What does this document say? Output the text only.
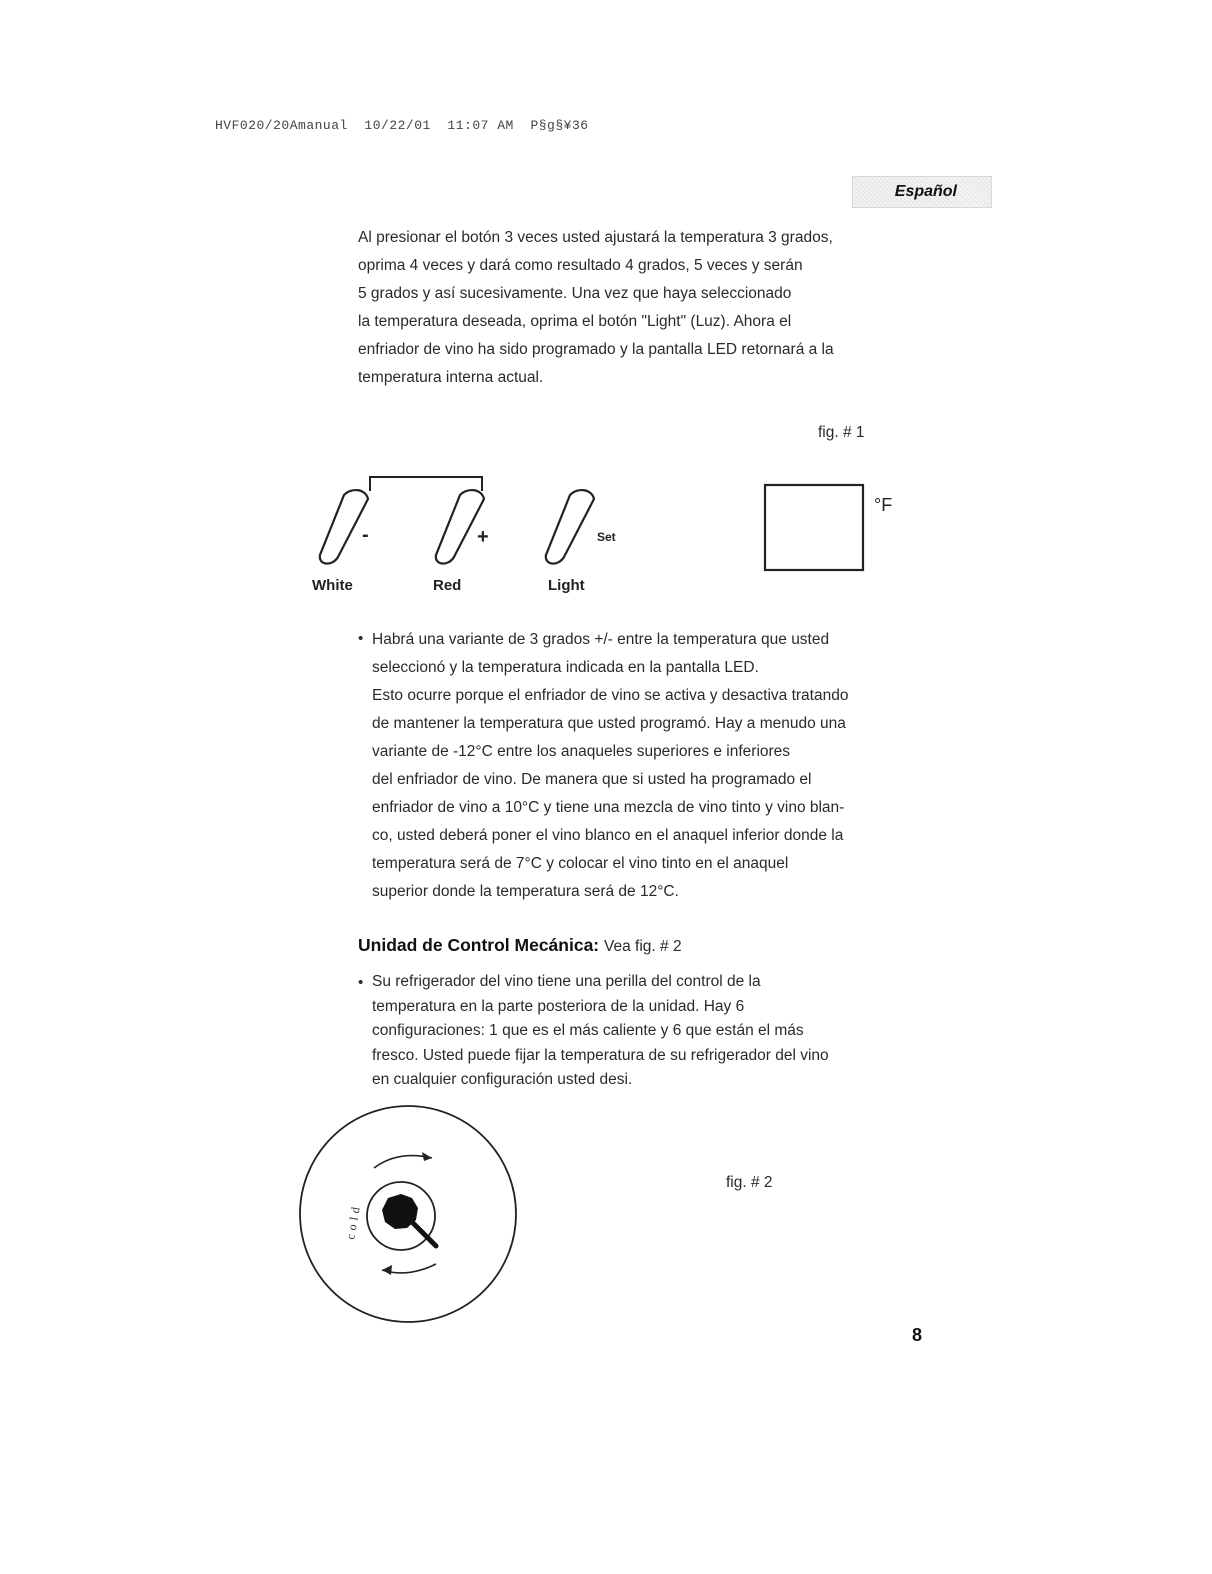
HVF020/20Amanual  10/22/01  11:07 AM  P§g§¥36
Español
Al presionar el botón 3 veces usted ajustará la temperatura 3 grados,
oprima 4 veces y dará como resultado 4 grados, 5 veces y serán
5 grados y así sucesivamente. Una vez que haya seleccionado
la temperatura deseada, oprima el botón "Light" (Luz). Ahora el
enfriador de vino ha sido programado y la pantalla LED retornará a la
temperatura interna actual.
fig. # 1
-
White
+
Red
Set
Light
°F
• Habrá una variante de 3 grados +/- entre la temperatura que usted
seleccionó y la temperatura indicada en la pantalla LED.
Esto ocurre porque el enfriador de vino se activa y desactiva tratando
de mantener la temperatura que usted programó. Hay a menudo una
variante de -12°C entre los anaqueles superiores e inferiores
del enfriador de vino. De manera que si usted ha programado el
enfriador de vino a 10°C y tiene una mezcla de vino tinto y vino blan-
co, usted deberá poner el vino blanco en el anaquel inferior donde la
temperatura será de 7°C y colocar el vino tinto en el anaquel
superior donde la temperatura será de 12°C.
Unidad de Control Mecánica: Vea fig. # 2
• Su refrigerador del vino tiene una perilla del control de la
temperatura en la parte posteriora de la unidad. Hay 6
configuraciones: 1 que es el más caliente y 6 que están el más
fresco. Usted puede fijar la temperatura de su refrigerador del vino
en cualquier configuración usted desi.
cold
fig. # 2
8
